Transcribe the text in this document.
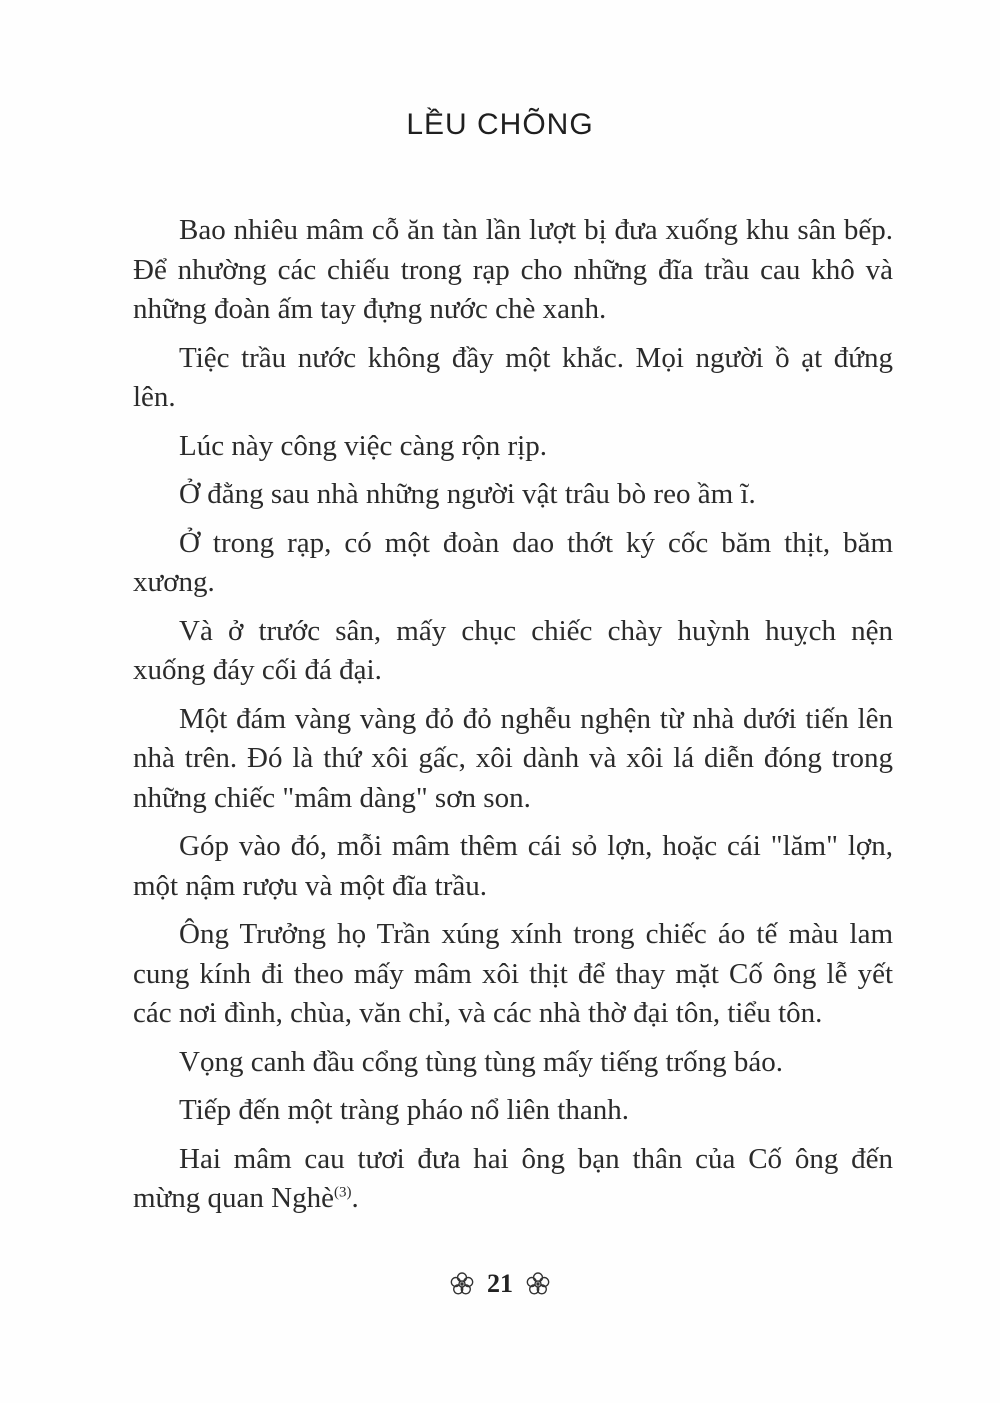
LỀU CHÕNG

Bao nhiêu mâm cỗ ăn tàn lần lượt bị đưa xuống khu sân bếp. Để nhường các chiếu trong rạp cho những đĩa trầu cau khô và những đoàn ấm tay đựng nước chè xanh.

Tiệc trầu nước không đầy một khắc. Mọi người ồ ạt đứng lên.

Lúc này công việc càng rộn rịp.

Ở đằng sau nhà những người vật trâu bò reo ầm ĩ.

Ở trong rạp, có một đoàn dao thớt ký cốc băm thịt, băm xương.

Và ở trước sân, mấy chục chiếc chày huỳnh huỵch nện xuống đáy cối đá đại.

Một đám vàng vàng đỏ đỏ nghễu nghện từ nhà dưới tiến lên nhà trên. Đó là thứ xôi gấc, xôi dành và xôi lá diễn đóng trong những chiếc "mâm dàng" sơn son.

Góp vào đó, mỗi mâm thêm cái sỏ lợn, hoặc cái "lăm" lợn, một nậm rượu và một đĩa trầu.

Ông Trưởng họ Trần xúng xính trong chiếc áo tế màu lam cung kính đi theo mấy mâm xôi thịt để thay mặt Cố ông lễ yết các nơi đình, chùa, văn chỉ, và các nhà thờ đại tôn, tiểu tôn.

Vọng canh đầu cổng tùng tùng mấy tiếng trống báo.

Tiếp đến một tràng pháo nổ liên thanh.

Hai mâm cau tươi đưa hai ông bạn thân của Cố ông đến mừng quan Nghè$^{(3)}$.

21
